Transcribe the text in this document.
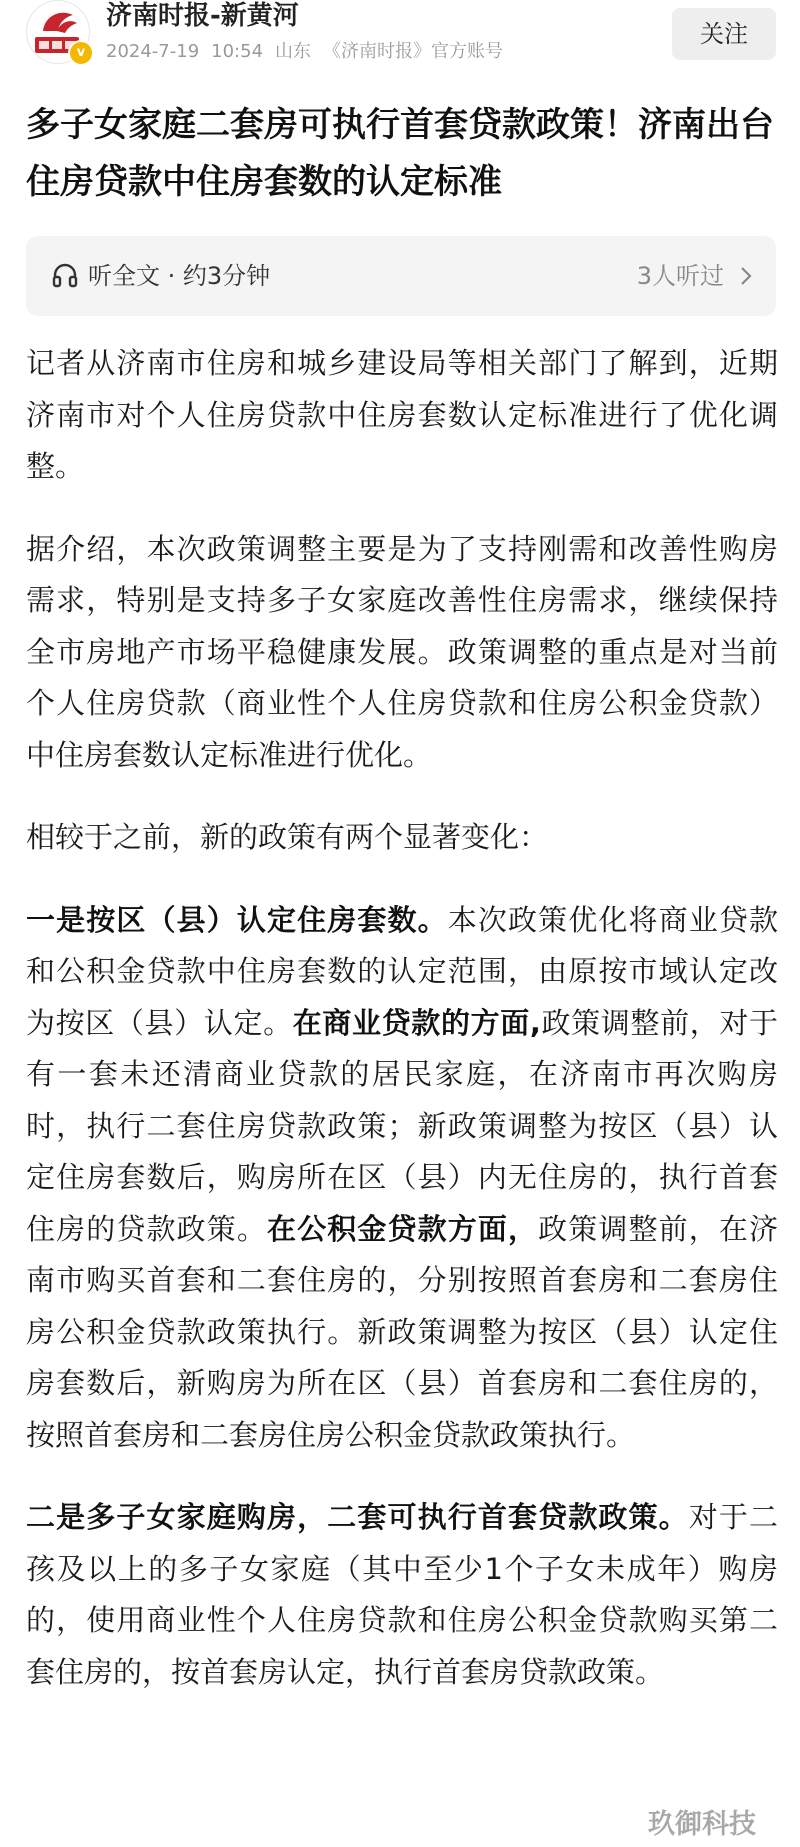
v
济南时报-新黄河
2024-7-19 10:54 山东 《济南时报》官方账号
关注
多子女家庭二套房可执行首套贷款政策！济南出台住房贷款中住房套数的认定标准
听全文 · 约3分钟	3人听过

记者从济南市住房和城乡建设局等相关部门了解到，近期济南市对个人住房贷款中住房套数认定标准进行了优化调整。

据介绍，本次政策调整主要是为了支持刚需和改善性购房需求，特别是支持多子女家庭改善性住房需求，继续保持全市房地产市场平稳健康发展。政策调整的重点是对当前个人住房贷款（商业性个人住房贷款和住房公积金贷款）中住房套数认定标准进行优化。

相较于之前，新的政策有两个显著变化：

一是按区（县）认定住房套数。本次政策优化将商业贷款和公积金贷款中住房套数的认定范围，由原按市域认定改为按区（县）认定。在商业贷款的方面,政策调整前，对于有一套未还清商业贷款的居民家庭，在济南市再次购房时，执行二套住房贷款政策；新政策调整为按区（县）认定住房套数后，购房所在区（县）内无住房的，执行首套住房的贷款政策。在公积金贷款方面，政策调整前，在济南市购买首套和二套住房的，分别按照首套房和二套房住房公积金贷款政策执行。新政策调整为按区（县）认定住房套数后，新购房为所在区（县）首套房和二套住房的，按照首套房和二套房住房公积金贷款政策执行。

二是多子女家庭购房，二套可执行首套贷款政策。对于二孩及以上的多子女家庭（其中至少1个子女未成年）购房的，使用商业性个人住房贷款和住房公积金贷款购买第二套住房的，按首套房认定，执行首套房贷款政策。

玖御科技
